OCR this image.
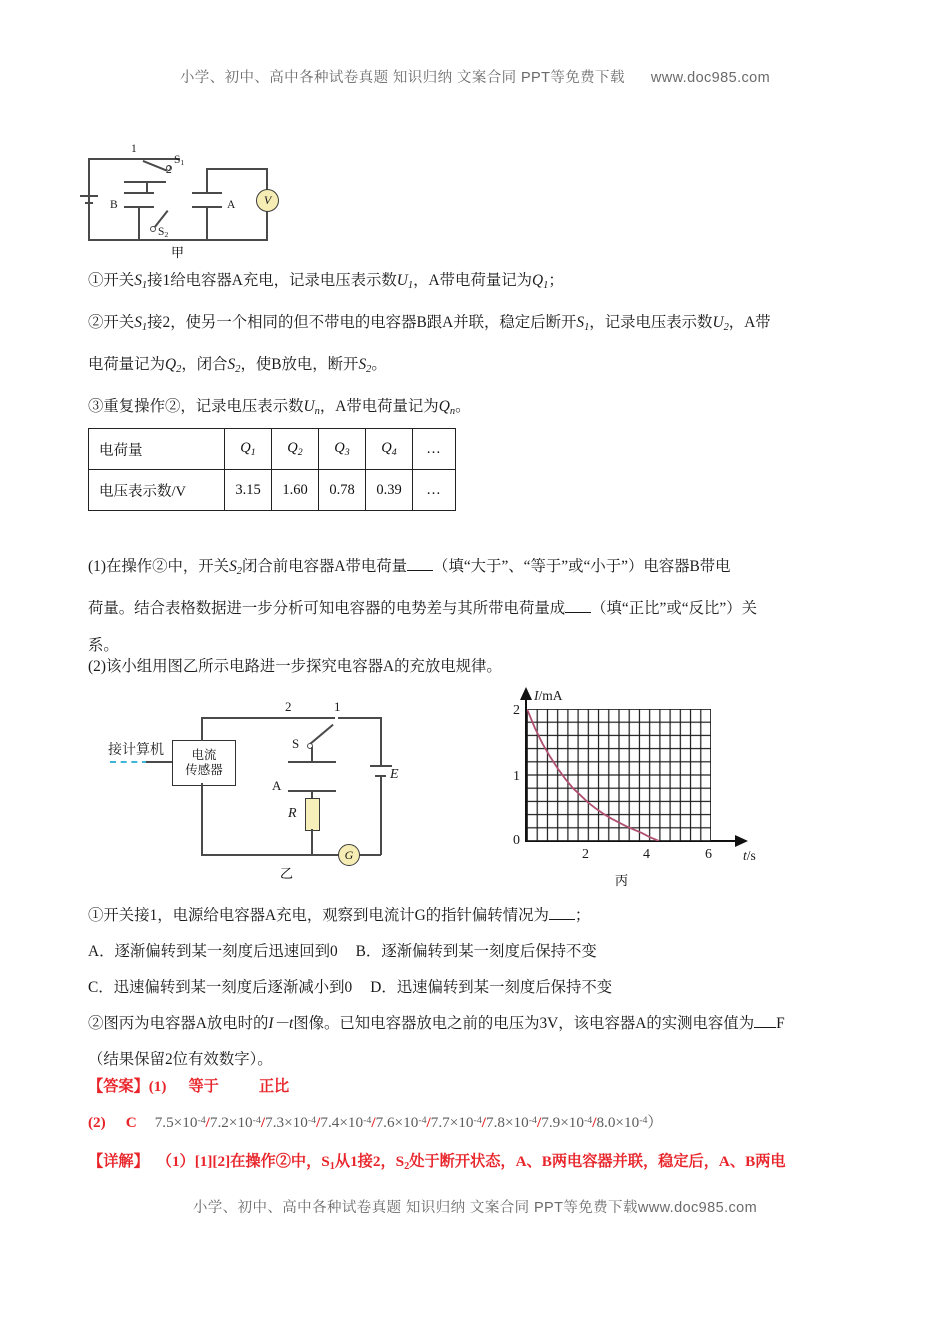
小学、初中、高中各种试卷真题 知识归纳 文案合同 PPT等免费下载 www.doc985.com
1
$S_1$
2
B
$S_2$
A	V
甲
①开关$S_1$接1给电容器A充电，记录电压表示数$U_1$，A带电荷量记为$Q_1$；
②开关$S_1$接2，使另一个相同的但不带电的电容器B跟A并联，稳定后断开$S_1$，记录电压表示数$U_2$，A带
电荷量记为$Q_2$，闭合$S_2$，使B放电，断开$S_2$。
③重复操作②，记录电压表示数$U_n$，A带电荷量记为$Q_n$。
电荷量	$Q_1$	$Q_2$	$Q_3$	$Q_4$	…
电压表示数/V	3.15	1.60	0.78	0.39	…
(1)在操作②中，开关$S_2$闭合前电容器A带电荷量 （填“大于”、“等于”或“小于”）电容器B带电
荷量。结合表格数据进一步分析可知电容器的电势差与其所带电荷量成 （填“正比”或“反比”）关
系。
(2)该小组用图乙所示电路进一步探究电容器A的充放电规律。
接计算机	电流
传感器
2	1
S
E
A
R
G
乙
I/mA
t/s
0
1
2
2	4	6
丙
①开关接1，电源给电容器A充电，观察到电流计G的指针偏转情况为 ；
A．逐渐偏转到某一刻度后迅速回到0 B．逐渐偏转到某一刻度后保持不变
C．迅速偏转到某一刻度后逐渐减小到0 D．迅速偏转到某一刻度后保持不变
②图丙为电容器A放电时的I－t图像。已知电容器放电之前的电压为3V，该电容器A的实测电容值为 F
（结果保留2位有效数字）。
【答案】(1) 等于	正比
(2) C $7.5\times 10^{-4}/7.2\times 10^{-4}/7.3\times 10^{-4}/7.4\times 10^{-4}/7.6\times 10^{-4}/7.7\times 10^{-4}/7.8\times 10^{-4}/7.9\times 10^{-4}/8.0\times 10^{-4}$）
【详解】 （1）[1][2]在操作②中，$S_1$从1接2，$S_2$处于断开状态，A、B两电容器并联，稳定后，A、B两电
小学、初中、高中各种试卷真题 知识归纳 文案合同 PPT等免费下载www.doc985.com
